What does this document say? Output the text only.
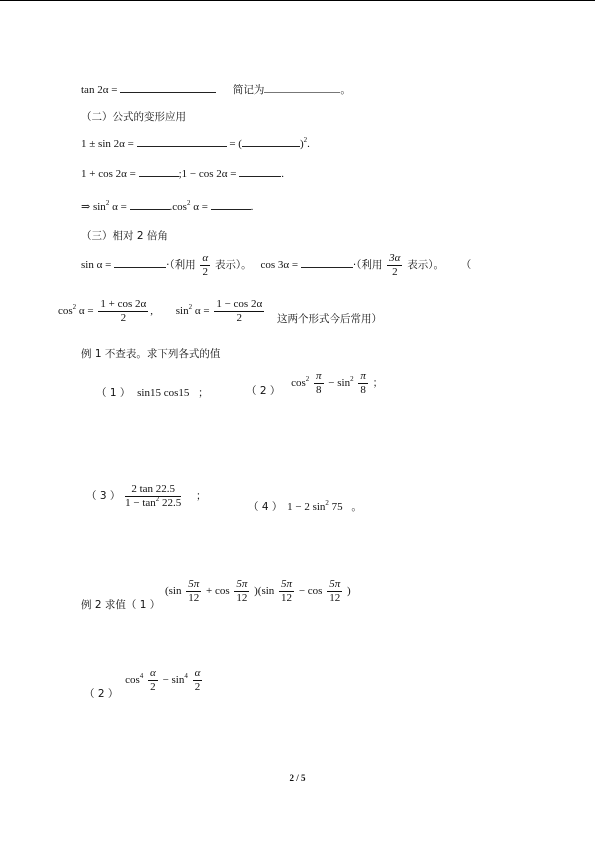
tan 2α =	简记为	。
（二）公式的变形应用
1 ± sin 2α =	= (	)$^2$.
1 + cos 2α =	;1 − cos 2α =	.
⇒ $\sin^2 \alpha$ =	$.\cos^2$ α =	.
（三）相对 2 倍角
sin α =	·（利用 $\frac{\alpha}{2}$ 表示）。 cos 3α =	·（利用 $\frac{3\alpha}{2}$ 表示）。 （
$\cos^2 \alpha = \frac{1 + \cos 2\alpha}{2}$ , $\sin^2 \alpha = \frac{1 - \cos 2\alpha}{2}$ 这两个形式今后常用）
例 1 不查表。求下列各式的值
（ 1 ） sin15 cos15 ；	（ 2 ） $\cos^2 \frac{\pi}{8} - \sin^2 \frac{\pi}{8}$ ；
（ 3 ） $\frac{2 \tan 22.5}{1 - \tan^2 22.5}$ ；
（ 4 ） 1 − 2 $\sin^2 75$ 。
例 2 求值（ 1 ） $(\sin \frac{5\pi}{12} + \cos \frac{5\pi}{12} )(\sin \frac{5\pi}{12} - \cos \frac{5\pi}{12}$ )
（ 2 ） $\cos^4 \frac{\alpha}{2} - \sin^4 \frac{\alpha}{2}$
2 / 5
